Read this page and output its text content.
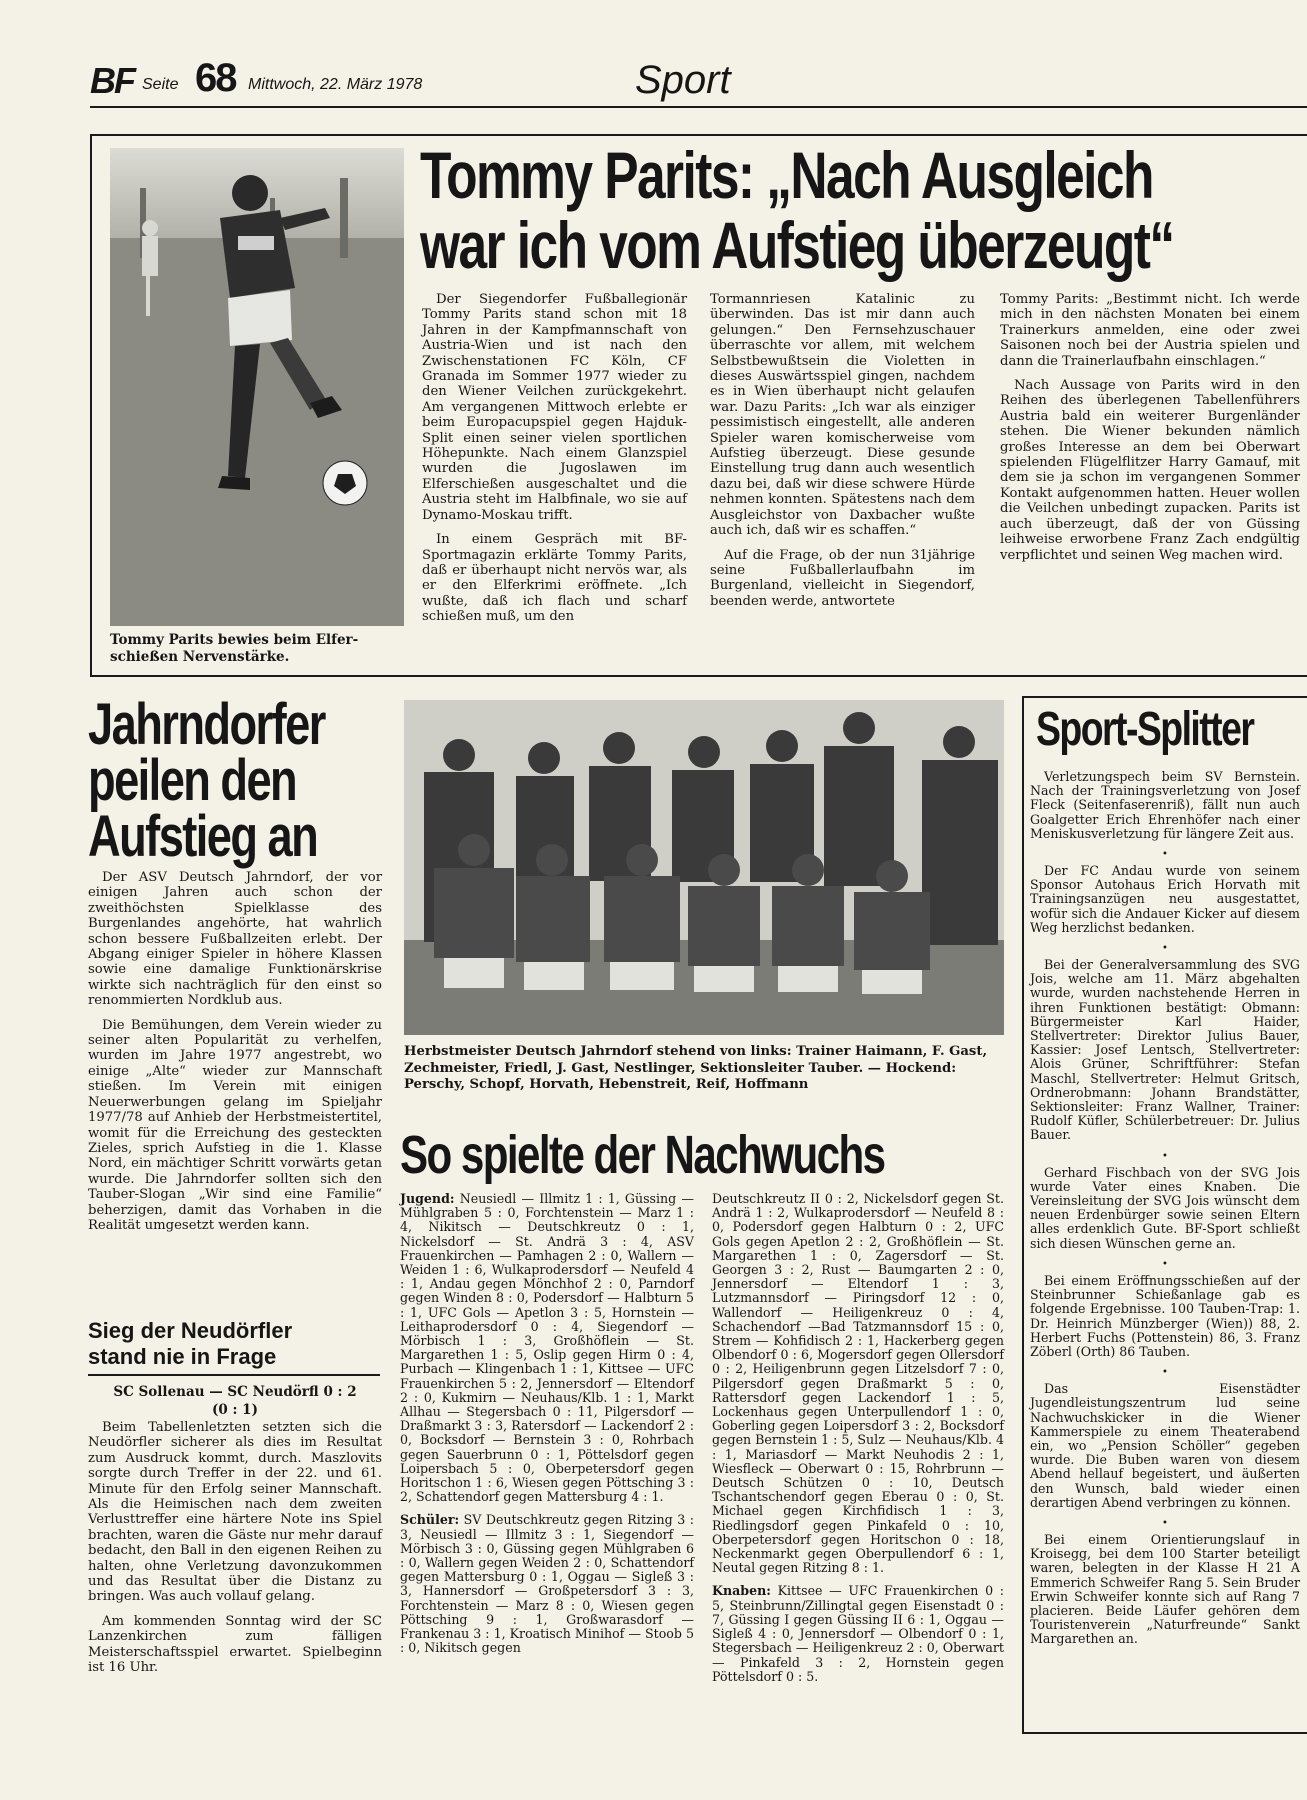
BF Seite 68 Mittwoch, 22. März 1978	Sport
Tommy Parits bewies beim Elfer-schießen Nervenstärke.
Tommy Parits: „Nach Ausgleich
war ich vom Aufstieg überzeugt“

Der Siegendorfer Fußballegionär Tommy Parits stand schon mit 18 Jahren in der Kampfmannschaft von Austria-Wien und ist nach den Zwischenstationen FC Köln, CF Granada im Sommer 1977 wieder zu den Wiener Veilchen zurückgekehrt. Am vergangenen Mittwoch erlebte er beim Europacupspiel gegen Hajduk-Split einen seiner vielen sportlichen Höhepunkte. Nach einem Glanzspiel wurden die Jugoslawen im Elferschießen ausgeschaltet und die Austria steht im Halbfinale, wo sie auf Dynamo-Moskau trifft.

In einem Gespräch mit BF-Sportmagazin erklärte Tommy Parits, daß er überhaupt nicht nervös war, als er den Elferkrimi eröffnete. „Ich wußte, daß ich flach und scharf schießen muß, um den

Tormannriesen Katalinic zu überwinden. Das ist mir dann auch gelungen.“ Den Fernsehzuschauer überraschte vor allem, mit welchem Selbstbewußtsein die Violetten in dieses Auswärtsspiel gingen, nachdem es in Wien überhaupt nicht gelaufen war. Dazu Parits: „Ich war als einziger pessimistisch eingestellt, alle anderen Spieler waren komischerweise vom Aufstieg überzeugt. Diese gesunde Einstellung trug dann auch wesentlich dazu bei, daß wir diese schwere Hürde nehmen konnten. Spätestens nach dem Ausgleichstor von Daxbacher wußte auch ich, daß wir es schaffen.“

Auf die Frage, ob der nun 31jährige seine Fußballerlaufbahn im Burgenland, vielleicht in Siegendorf, beenden werde, antwortete

Tommy Parits: „Bestimmt nicht. Ich werde mich in den nächsten Monaten bei einem Trainerkurs anmelden, eine oder zwei Saisonen noch bei der Austria spielen und dann die Trainerlaufbahn einschlagen.“

Nach Aussage von Parits wird in den Reihen des überlegenen Tabellenführers Austria bald ein weiterer Burgenländer stehen. Die Wiener bekunden nämlich großes Interesse an dem bei Oberwart spielenden Flügelflitzer Harry Gamauf, mit dem sie ja schon im vergangenen Sommer Kontakt aufgenommen hatten. Heuer wollen die Veilchen unbedingt zupacken. Parits ist auch überzeugt, daß der von Güssing leihweise erworbene Franz Zach endgültig verpflichtet und seinen Weg machen wird.

Jahrndorfer
peilen den
Aufstieg an

Der ASV Deutsch Jahrndorf, der vor einigen Jahren auch schon der zweithöchsten Spielklasse des Burgenlandes angehörte, hat wahrlich schon bessere Fußballzeiten erlebt. Der Abgang einiger Spieler in höhere Klassen sowie eine damalige Funktionärskrise wirkte sich nachträglich für den einst so renommierten Nordklub aus.

Die Bemühungen, dem Verein wieder zu seiner alten Popularität zu verhelfen, wurden im Jahre 1977 angestrebt, wo einige „Alte“ wieder zur Mannschaft stießen. Im Verein mit einigen Neuerwerbungen gelang im Spieljahr 1977/78 auf Anhieb der Herbstmeistertitel, womit für die Erreichung des gesteckten Zieles, sprich Aufstieg in die 1. Klasse Nord, ein mächtiger Schritt vorwärts getan wurde. Die Jahrndorfer sollten sich den Tauber-Slogan „Wir sind eine Familie“ beherzigen, damit das Vorhaben in die Realität umgesetzt werden kann.

Herbstmeister Deutsch Jahrndorf stehend von links: Trainer Haimann, F. Gast, Zechmeister, Friedl, J. Gast, Nestlinger, Sektionsleiter Tauber. — Hockend: Perschy, Schopf, Horvath, Hebenstreit, Reif, Hoffmann
Sieg der Neudörfler
stand nie in Frage
SC Sollenau — SC Neudörfl 0 : 2
(0 : 1)

Beim Tabellenletzten setzten sich die Neudörfler sicherer als dies im Resultat zum Ausdruck kommt, durch. Maszlovits sorgte durch Treffer in der 22. und 61. Minute für den Erfolg seiner Mannschaft. Als die Heimischen nach dem zweiten Verlusttreffer eine härtere Note ins Spiel brachten, waren die Gäste nur mehr darauf bedacht, den Ball in den eigenen Reihen zu halten, ohne Verletzung davonzukommen und das Resultat über die Distanz zu bringen. Was auch vollauf gelang.

Am kommenden Sonntag wird der SC Lanzenkirchen zum fälligen Meisterschaftsspiel erwartet. Spielbeginn ist 16 Uhr.

So spielte der Nachwuchs

Jugend: Neusiedl — Illmitz 1 : 1, Güssing — Mühlgraben 5 : 0, Forchtenstein — Marz 1 : 4, Nikitsch — Deutschkreutz 0 : 1, Nickelsdorf — St. Andrä 3 : 4, ASV Frauenkirchen — Pamhagen 2 : 0, Wallern — Weiden 1 : 6, Wulkaprodersdorf — Neufeld 4 : 1, Andau gegen Mönchhof 2 : 0, Parndorf gegen Winden 8 : 0, Podersdorf — Halbturn 5 : 1, UFC Gols — Apetlon 3 : 5, Hornstein — Leithaprodersdorf 0 : 4, Siegendorf — Mörbisch 1 : 3, Großhöflein — St. Margarethen 1 : 5, Oslip gegen Hirm 0 : 4, Purbach — Klingenbach 1 : 1, Kittsee — UFC Frauenkirchen 5 : 2, Jennersdorf — Eltendorf 2 : 0, Kukmirn — Neuhaus/Klb. 1 : 1, Markt Allhau — Stegersbach 0 : 11, Pilgersdorf — Draßmarkt 3 : 3, Ratersdorf — Lackendorf 2 : 0, Bocksdorf — Bernstein 3 : 0, Rohrbach gegen Sauerbrunn 0 : 1, Pöttelsdorf gegen Loipersbach 5 : 0, Oberpetersdorf gegen Horitschon 1 : 6, Wiesen gegen Pöttsching 3 : 2, Schattendorf gegen Mattersburg 4 : 1.

Schüler: SV Deutschkreutz gegen Ritzing 3 : 3, Neusiedl — Illmitz 3 : 1, Siegendorf — Mörbisch 3 : 0, Güssing gegen Mühlgraben 6 : 0, Wallern gegen Weiden 2 : 0, Schattendorf gegen Mattersburg 0 : 1, Oggau — Sigleß 3 : 3, Hannersdorf — Großpetersdorf 3 : 3, Forchtenstein — Marz 8 : 0, Wiesen gegen Pöttsching 9 : 1, Großwarasdorf — Frankenau 3 : 1, Kroatisch Minihof — Stoob 5 : 0, Nikitsch gegen

Deutschkreutz II 0 : 2, Nickelsdorf gegen St. Andrä 1 : 2, Wulkaprodersdorf — Neufeld 8 : 0, Podersdorf gegen Halbturn 0 : 2, UFC Gols gegen Apetlon 2 : 2, Großhöflein — St. Margarethen 1 : 0, Zagersdorf — St. Georgen 3 : 2, Rust — Baumgarten 2 : 0, Jennersdorf — Eltendorf 1 : 3, Lutzmannsdorf — Piringsdorf 12 : 0, Wallendorf — Heiligenkreuz 0 : 4, Schachendorf —Bad Tatzmannsdorf 15 : 0, Strem — Kohfidisch 2 : 1, Hackerberg gegen Olbendorf 0 : 6, Mogersdorf gegen Ollersdorf 0 : 2, Heiligenbrunn gegen Litzelsdorf 7 : 0, Pilgersdorf gegen Draßmarkt 5 : 0, Rattersdorf gegen Lackendorf 1 : 5, Lockenhaus gegen Unterpullendorf 1 : 0, Goberling gegen Loipersdorf 3 : 2, Bocksdorf gegen Bernstein 1 : 5, Sulz — Neuhaus/Klb. 4 : 1, Mariasdorf — Markt Neuhodis 2 : 1, Wiesfleck — Oberwart 0 : 15, Rohrbrunn — Deutsch Schützen 0 : 10, Deutsch Tschantschendorf gegen Eberau 0 : 0, St. Michael gegen Kirchfidisch 1 : 3, Riedlingsdorf gegen Pinkafeld 0 : 10, Oberpetersdorf gegen Horitschon 0 : 18, Neckenmarkt gegen Oberpullendorf 6 : 1, Neutal gegen Ritzing 8 : 1.

Knaben: Kittsee — UFC Frauenkirchen 0 : 5, Steinbrunn/Zillingtal gegen Eisenstadt 0 : 7, Güssing I gegen Güssing II 6 : 1, Oggau — Sigleß 4 : 0, Jennersdorf — Olbendorf 0 : 1, Stegersbach — Heiligenkreuz 2 : 0, Oberwart — Pinkafeld 3 : 2, Hornstein gegen Pöttelsdorf 0 : 5.

Sport-Splitter

Verletzungspech beim SV Bernstein. Nach der Trainingsverletzung von Josef Fleck (Seitenfaserenriß), fällt nun auch Goalgetter Erich Ehrenhöfer nach einer Meniskusverletzung für längere Zeit aus.

•

Der FC Andau wurde von seinem Sponsor Autohaus Erich Horvath mit Trainingsanzügen neu ausgestattet, wofür sich die Andauer Kicker auf diesem Weg herzlichst bedanken.

•

Bei der Generalversammlung des SVG Jois, welche am 11. März abgehalten wurde, wurden nachstehende Herren in ihren Funktionen bestätigt: Obmann: Bürgermeister Karl Haider, Stellvertreter: Direktor Julius Bauer, Kassier: Josef Lentsch, Stellvertreter: Alois Grüner, Schriftführer: Stefan Maschl, Stellvertreter: Helmut Gritsch, Ordnerobmann: Johann Brandstätter, Sektionsleiter: Franz Wallner, Trainer: Rudolf Küfler, Schülerbetreuer: Dr. Julius Bauer.

•

Gerhard Fischbach von der SVG Jois wurde Vater eines Knaben. Die Vereinsleitung der SVG Jois wünscht dem neuen Erdenbürger sowie seinen Eltern alles erdenklich Gute. BF-Sport schließt sich diesen Wünschen gerne an.

•

Bei einem Eröffnungsschießen auf der Steinbrunner Schießanlage gab es folgende Ergebnisse. 100 Tauben-Trap: 1. Dr. Heinrich Münzberger (Wien)) 88, 2. Herbert Fuchs (Pottenstein) 86, 3. Franz Zöberl (Orth) 86 Tauben.

•

Das Eisenstädter Jugendleistungszentrum lud seine Nachwuchskicker in die Wiener Kammerspiele zu einem Theaterabend ein, wo „Pension Schöller“ gegeben wurde. Die Buben waren von diesem Abend hellauf begeistert, und äußerten den Wunsch, bald wieder einen derartigen Abend verbringen zu können.

•

Bei einem Orientierungslauf in Kroisegg, bei dem 100 Starter beteiligt waren, belegten in der Klasse H 21 A Emmerich Schweifer Rang 5. Sein Bruder Erwin Schweifer konnte sich auf Rang 7 placieren. Beide Läufer gehören dem Touristenverein „Naturfreunde“ Sankt Margarethen an.
